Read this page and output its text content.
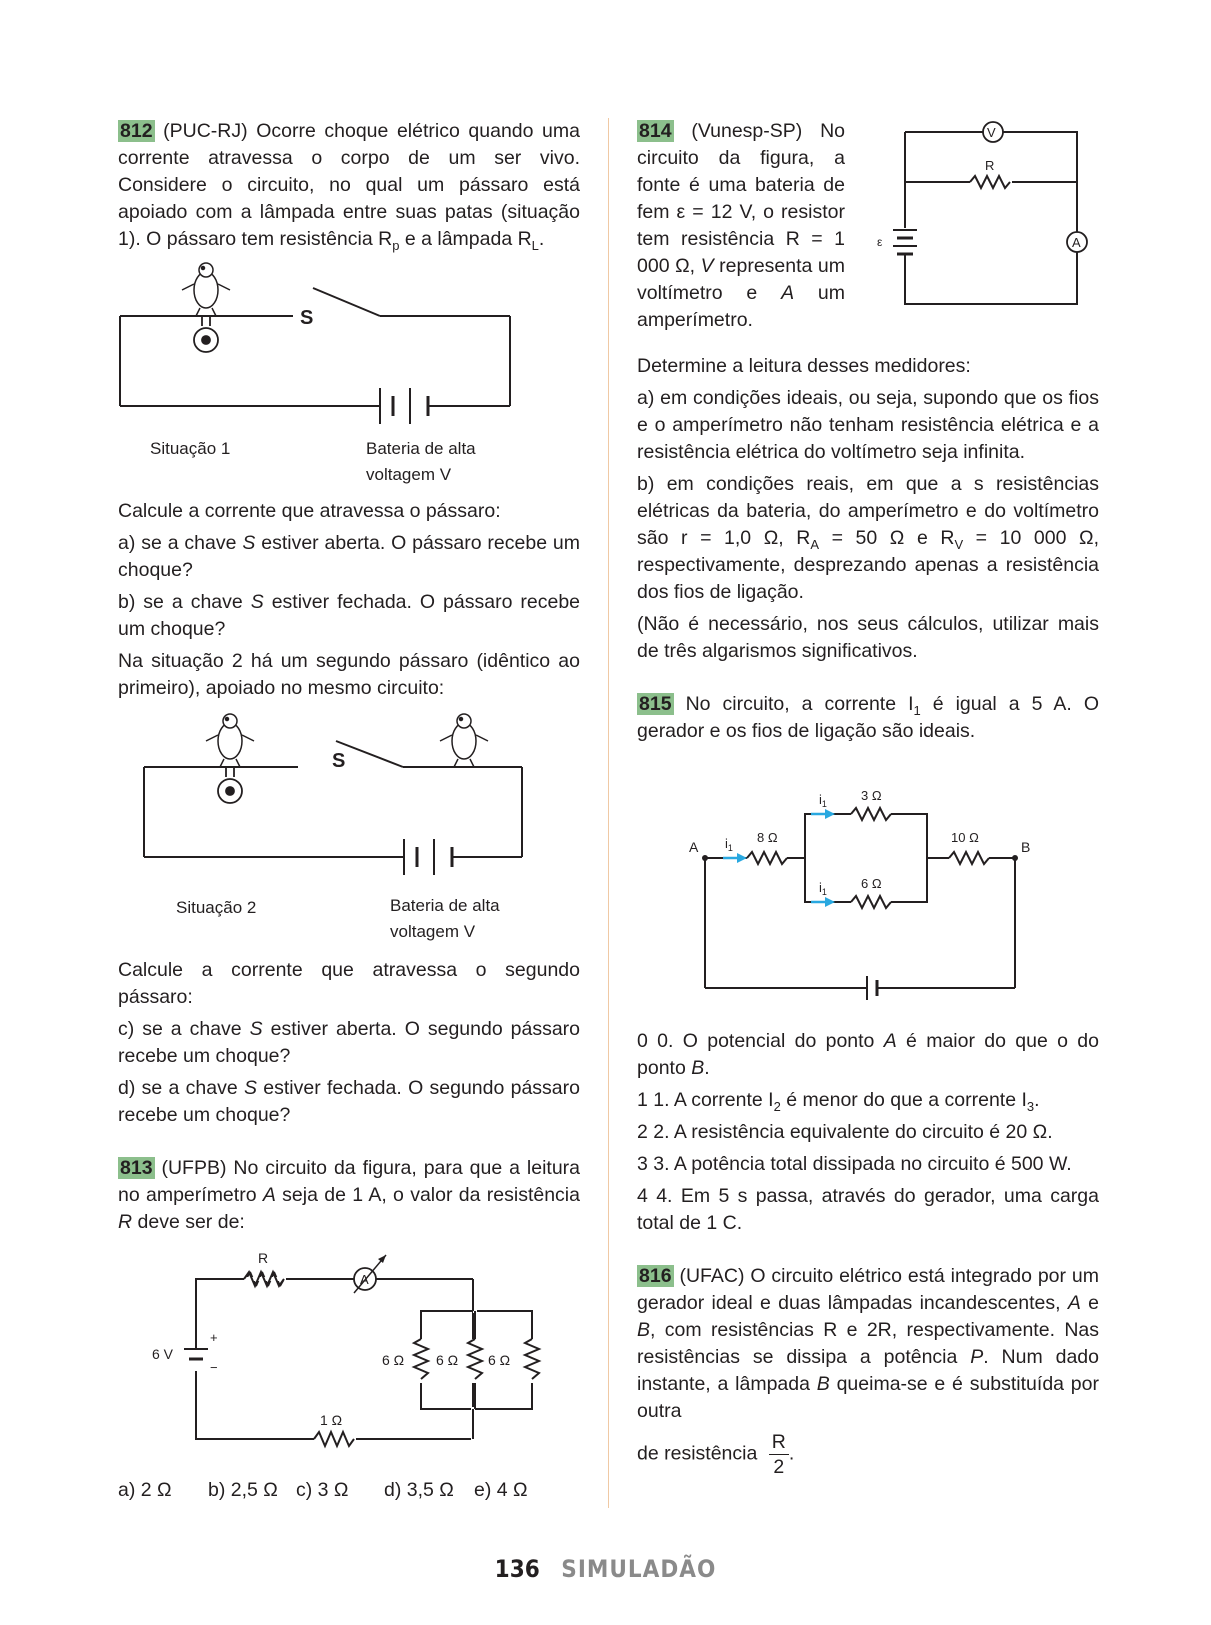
812 (PUC-RJ) Ocorre choque elétrico quando uma corrente atravessa o corpo de um ser vivo. Considere o circuito, no qual um pássaro está apoiado com a lâmpada entre suas patas (situação 1). O pássaro tem resistência $R_p$ e a lâmpada $R_L$.

S
Situação 1	Bateria de alta
voltagem V

Calcule a corrente que atravessa o pássaro:

a) se a chave S estiver aberta. O pássaro recebe um choque?

b) se a chave S estiver fechada. O pássaro recebe um choque?

Na situação 2 há um segundo pássaro (idêntico ao primeiro), apoiado no mesmo circuito:

S
Situação 2	Bateria de alta
voltagem V

Calcule a corrente que atravessa o segundo pássaro:

c) se a chave S estiver aberta. O segundo pássaro recebe um choque?

d) se a chave S estiver fechada. O segundo pássaro recebe um choque?

813 (UFPB) No circuito da figura, para que a leitura no amperímetro A seja de 1 A, o valor da resistência R deve ser de:

6 V
+
−
R
A
6 Ω 6 Ω 6 Ω
1 Ω
a) 2 Ω	b) 2,5 Ω c) 3 Ω	d) 3,5 Ω	e) 4 Ω

814 (Vunesp-SP) No circuito da figura, a fonte é uma bateria de fem ε = 12 V, o resistor tem resistência R = 1 000 Ω, V representa um voltímetro e A um amperímetro.

V
R
A
ε

Determine a leitura desses medidores:

a) em condições ideais, ou seja, supondo que os fios e o amperímetro não tenham resistência elétrica e a resistência elétrica do voltímetro seja infinita.

b) em condições reais, em que a s resistências elétricas da bateria, do amperímetro e do voltímetro são r = 1,0 Ω, $R_A = 50$ Ω e $R_V = 10$ 000 Ω, respectivamente, desprezando apenas a resistência dos fios de ligação.

(Não é necessário, nos seus cálculos, utilizar mais de três algarismos significativos.

815 No circuito, a corrente $I_1$ é igual a 5 A. O gerador e os fios de ligação são ideais.

A	B
$i_1$
$i_1$
$i_1$
8 Ω
3 Ω
6 Ω
10 Ω

0 0. O potencial do ponto A é maior do que o do ponto B.

1 1. A corrente $I_2$ é menor do que a corrente $I_3$.

2 2. A resistência equivalente do circuito é 20 Ω.

3 3. A potência total dissipada no circuito é 500 W.

4 4. Em 5 s passa, através do gerador, uma carga total de 1 C.

816 (UFAC) O circuito elétrico está integrado por um gerador ideal e duas lâmpadas incandescentes, A e B, com resistências R e 2R, respectivamente. Nas resistências se dissipa a potência P. Num dado instante, a lâmpada B queima-se e é substituída por outra

de resistência $\frac{R}{2}$ .

136 SIMULADÃO
